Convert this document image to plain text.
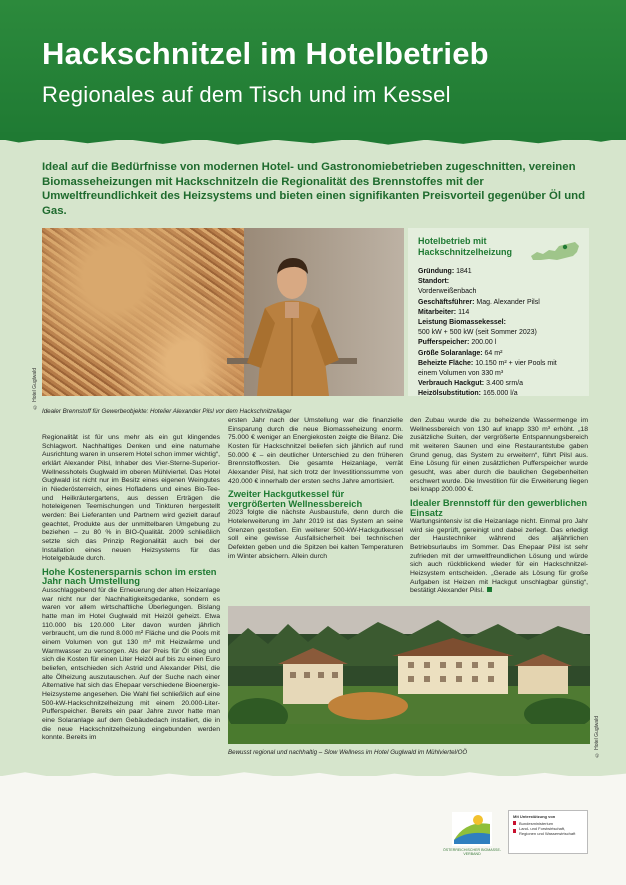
Hackschnitzel im Hotelbetrieb
Regionales auf dem Tisch und im Kessel
Ideal auf die Bedürfnisse von modernen Hotel- und Gastronomiebetrieben zugeschnitten, vereinen Biomasseheizungen mit Hackschnitzeln die Regionalität des Brennstoffes mit der Umweltfreundlichkeit des Heizsystems und bieten einen signifikanten Preisvorteil gegenüber Öl und Gas.
© Hotel Guglwald
Idealer Brennstoff für Gewerbeobjekte: Hotelier Alexander Pilsl vor dem Hackschnitzellager
Hotelbetrieb mit Hackschnitzelheizung
Gründung: 1841
Standort:
Vorderweißenbach
Geschäftsführer: Mag. Alexander Pilsl
Mitarbeiter: 114
Leistung Biomassekessel:
500 kW + 500 kW (seit Sommer 2023)
Pufferspeicher: 200.00 l
Größe Solaranlage: 64 m²
Beheizte Fläche: 10.150 m² + vier Pools mit
einem Volumen von 330 m³
Verbrauch Hackgut: 3.400 srm/a
Heizölsubstitution: 165.000 l/a

Regionalität ist für uns mehr als ein gut klingendes Schlagwort. Nachhaltiges Denken und eine naturnahe Ausrichtung waren in unserem Hotel schon immer wichtig“, erklärt Alexander Pilsl, Inhaber des Vier-Sterne-Superior-Wellnesshotels Guglwald im oberen Mühlviertel. Das Hotel Guglwald ist nicht nur im Besitz eines eigenen Weingutes in Niederösterreich, eines Hofladens und eines Bio-Tee- und Heilkräutergartens, aus dessen Erträgen die hoteleigenen Teemischungen und Tinkturen hergestellt werden: Bei Lieferanten und Partnern wird gezielt darauf geachtet, Produkte aus der unmittelbaren Umgebung zu beziehen – zu 80 % in BIO-Qualität. 2009 schließlich setzte sich das Prinzip Regionalität auch bei der Installation eines neuen Heizsystems für das Hotelgebäude durch.

Hohe Kostenersparnis schon im ersten Jahr nach Umstellung

Ausschlaggebend für die Erneuerung der alten Heizanlage war nicht nur der Nachhaltigkeitsgedanke, sondern es waren vor allem wirtschaftliche Überlegungen. Bislang hatte man im Hotel Guglwald mit Heizöl geheizt. Etwa 110.000 bis 120.000 Liter davon wurden jährlich verbraucht, um die rund 8.000 m² Fläche und die Pools mit einem Volumen von gut 130 m³ mit Heizwärme und Warmwasser zu versorgen. Als der Preis für Öl stieg und sich die Kosten für einen Liter Heizöl auf bis zu einen Euro beliefen, entschieden sich Astrid und Alexander Pilsl, die alte Ölheizung auszutauschen. Auf der Suche nach einer Alternative hat sich das Ehepaar verschiedene Bioenergie-Heizsysteme angesehen. Die Wahl fiel schließlich auf eine 500-kW-Hackschnitzelheizung mit einem 20.000-Liter-Pufferspeicher. Bereits ein paar Jahre zuvor hatte man eine Solaranlage auf dem Gebäudedach installiert, die in die neue Hackschnitzelheizung eingebunden werden konnte. Bereits im

ersten Jahr nach der Umstellung war die finanzielle Einsparung durch die neue Biomasseheizung enorm. 75.000 € weniger an Energiekosten zeigte die Bilanz. Die Kosten für Hackschnitzel beliefen sich jährlich auf rund 50.000 € – ein deutlicher Unterschied zu den früheren Brennstoffkosten. Die gesamte Heizanlage, verrät Alexander Pilsl, hat sich trotz der Investitionssumme von 420.000 € innerhalb der ersten sechs Jahre amortisiert.

Zweiter Hackgutkessel für vergrößerten Wellnessbereich

2023 folgte die nächste Ausbaustufe, denn durch die Hotelerweiterung im Jahr 2019 ist das System an seine Grenzen gestoßen. Ein weiterer 500-kW-Hackgutkessel soll eine gewisse Ausfallsicherheit bei technischen Defekten geben und die Spitzen bei kalten Temperaturen im Winter absichern. Allein durch

den Zubau wurde die zu beheizende Wassermenge im Wellnessbereich von 130 auf knapp 330 m³ erhöht. „18 zusätzliche Suiten, der vergrößerte Entspannungsbereich mit weiteren Saunen und eine Restaurantstube gaben Grund genug, das System zu erweitern“, führt Pilsl aus. Eine Lösung für einen zusätzlichen Pufferspeicher wurde gesucht, was aber durch die baulichen Gegebenheiten erschwert wurde. Die Investition für die Erweiterung liegen bei knapp 200.000 €.

Idealer Brennstoff für den gewerblichen Einsatz

Wartungsintensiv ist die Heizanlage nicht. Einmal pro Jahr wird sie geprüft, gereinigt und dabei zerlegt. Das erledigt der Haustechniker während des alljährlichen Betriebsurlaubs im Sommer. Das Ehepaar Pilsl ist sehr zufrieden mit der umweltfreundlichen Lösung und würde sich auch rückblickend wieder für ein Hackschnitzel-Heizsystem entscheiden. „Gerade als Lösung für große Aufgaben ist Heizen mit Hackgut unschlagbar günstig“, bestätigt Alexander Pilsl.

© Hotel Guglwald
Bewusst regional und nachhaltig – Slow Wellness im Hotel Guglwald im Mühlviertel/OÖ
ÖSTERREICHISCHER BIOMASSE-VERBAND
Mit Unterstützung von
Bundesministerium
Land- und Forstwirtschaft,
Regionen und Wasserwirtschaft
